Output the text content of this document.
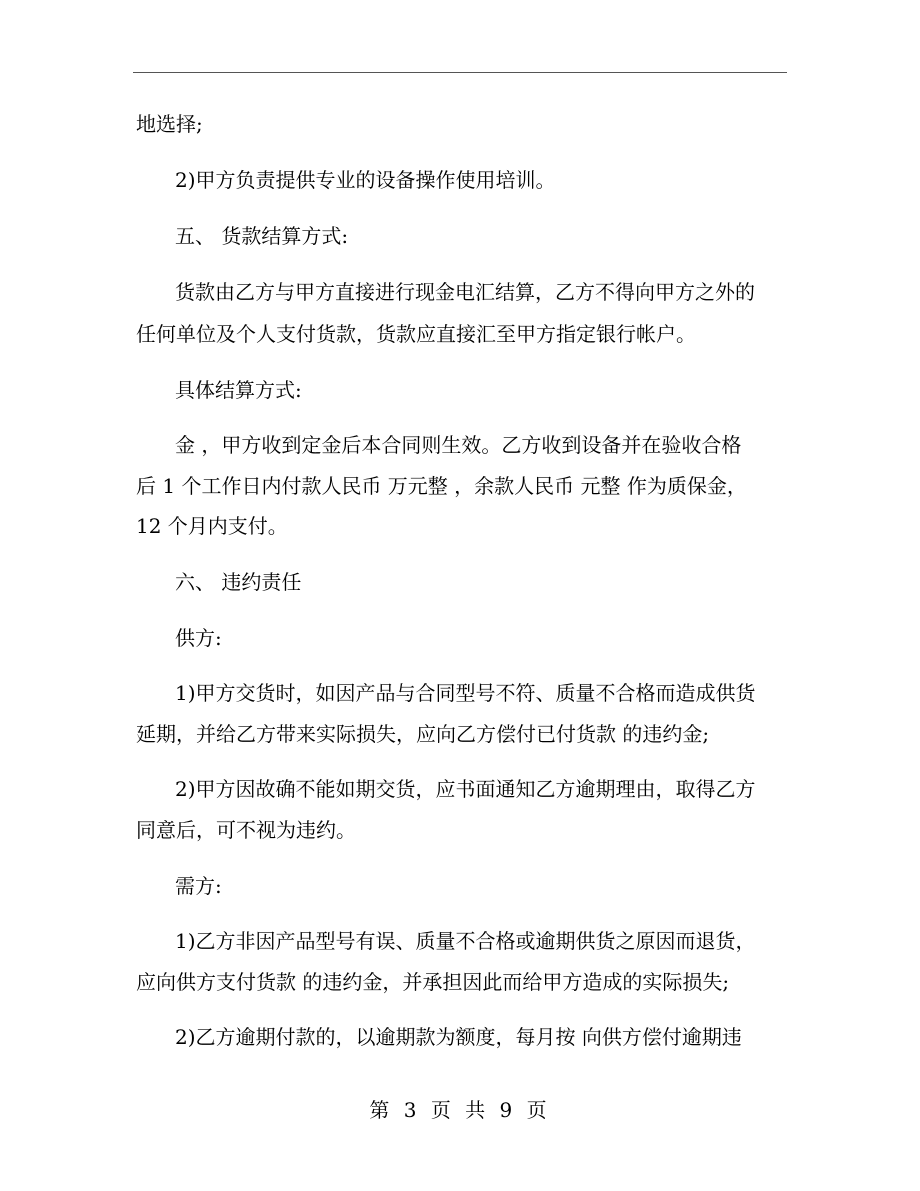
地选择;
2)甲方负责提供专业的设备操作使用培训。
五、 货款结算方式:
货款由乙方与甲方直接进行现金电汇结算，乙方不得向甲方之外的
任何单位及个人支付货款，货款应直接汇至甲方指定银行帐户。
具体结算方式:
金 ，甲方收到定金后本合同则生效。乙方收到设备并在验收合格
后 1 个工作日内付款人民币 万元整 ，余款人民币 元整 作为质保金，
12 个月内支付。
六、 违约责任
供方:
1)甲方交货时，如因产品与合同型号不符、质量不合格而造成供货
延期，并给乙方带来实际损失，应向乙方偿付已付货款 的违约金;
2)甲方因故确不能如期交货，应书面通知乙方逾期理由，取得乙方
同意后，可不视为违约。
需方:
1)乙方非因产品型号有误、质量不合格或逾期供货之原因而退货，
应向供方支付货款 的违约金，并承担因此而给甲方造成的实际损失;
2)乙方逾期付款的，以逾期款为额度，每月按 向供方偿付逾期违
第 3 页 共 9 页
